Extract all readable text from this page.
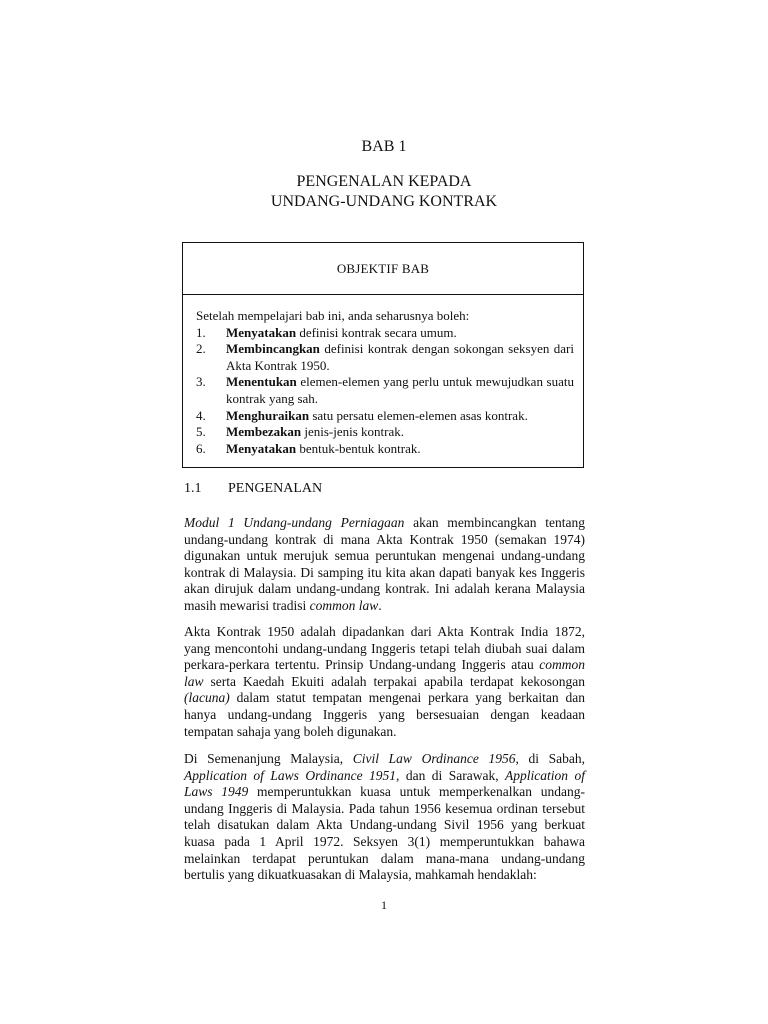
BAB 1
PENGENALAN KEPADA
UNDANG-UNDANG KONTRAK
OBJEKTIF BAB

Setelah mempelajari bab ini, anda seharusnya boleh:

1.	Menyatakan definisi kontrak secara umum.
2.	Membincangkan definisi kontrak dengan sokongan seksyen dari Akta Kontrak 1950.
3.	Menentukan elemen-elemen yang perlu untuk mewujudkan suatu kontrak yang sah.
4.	Menghuraikan satu persatu elemen-elemen asas kontrak.
5.	Membezakan jenis-jenis kontrak.
6.	Menyatakan bentuk-bentuk kontrak.
1.1 PENGENALAN

Modul 1 Undang-undang Perniagaan akan membincangkan tentang undang-undang kontrak di mana Akta Kontrak 1950 (semakan 1974) digunakan untuk merujuk semua peruntukan mengenai undang-undang kontrak di Malaysia. Di samping itu kita akan dapati banyak kes Inggeris akan dirujuk dalam undang-undang kontrak. Ini adalah kerana Malaysia masih mewarisi tradisi common law.

Akta Kontrak 1950 adalah dipadankan dari Akta Kontrak India 1872, yang mencontohi undang-undang Inggeris tetapi telah diubah suai dalam perkara-perkara tertentu. Prinsip Undang-undang Inggeris atau common law serta Kaedah Ekuiti adalah terpakai apabila terdapat kekosongan (lacuna) dalam statut tempatan mengenai perkara yang berkaitan dan hanya undang-undang Inggeris yang bersesuaian dengan keadaan tempatan sahaja yang boleh digunakan.

Di Semenanjung Malaysia, Civil Law Ordinance 1956, di Sabah, Application of Laws Ordinance 1951, dan di Sarawak, Application of Laws 1949 memperuntukkan kuasa untuk memperkenalkan undang-undang Inggeris di Malaysia. Pada tahun 1956 kesemua ordinan tersebut telah disatukan dalam Akta Undang-undang Sivil 1956 yang berkuat kuasa pada 1 April 1972. Seksyen 3(1) memperuntukkan bahawa melainkan terdapat peruntukan dalam mana-mana undang-undang bertulis yang dikuatkuasakan di Malaysia, mahkamah hendaklah:

1
